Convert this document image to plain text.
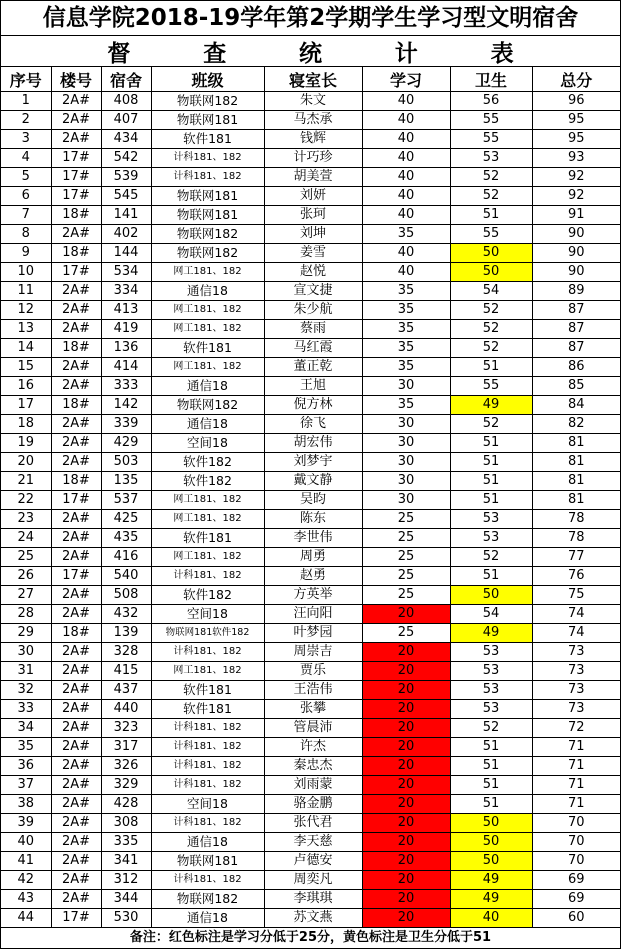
信息学院2018-19学年第2学期学生学习型文明宿舍
督	查	统	计	表
序号	楼号	宿舍	班级	寝室长	学习	卫生	总分
1	2A#	408	物联网182	朱文	40	56	96
2	2A#	407	物联网181	马杰承	40	55	95
3	2A#	434	软件181	钱辉	40	55	95
4	17#	542	计科181、182	计巧珍	40	53	93
5	17#	539	计科181、182	胡美萱	40	52	92
6	17#	545	物联网181	刘妍	40	52	92
7	18#	141	物联网181	张珂	40	51	91
8	2A#	402	物联网182	刘坤	35	55	90
9	18#	144	物联网182	姜雪	40	50	90
10	17#	534	网工181、182	赵悦	40	50	90
11	2A#	334	通信18	宣文捷	35	54	89
12	2A#	413	网工181、182	朱少航	35	52	87
13	2A#	419	网工181、182	蔡雨	35	52	87
14	18#	136	软件181	马红霞	35	52	87
15	2A#	414	网工181、182	董正乾	35	51	86
16	2A#	333	通信18	王旭	30	55	85
17	18#	142	物联网182	倪方林	35	49	84
18	2A#	339	通信18	徐飞	30	52	82
19	2A#	429	空间18	胡宏伟	30	51	81
20	2A#	503	软件182	刘梦宇	30	51	81
21	18#	135	软件182	戴文静	30	51	81
22	17#	537	网工181、182	吴昀	30	51	81
23	2A#	425	网工181、182	陈东	25	53	78
24	2A#	435	软件181	李世伟	25	53	78
25	2A#	416	网工181、182	周勇	25	52	77
26	17#	540	计科181、182	赵勇	25	51	76
27	2A#	508	软件182	方英举	25	50	75
28	2A#	432	空间18	汪向阳	20	54	74
29	18#	139	物联网181软件182	叶梦园	25	49	74
30	2A#	328	计科181、182	周崇吉	20	53	73
31	2A#	415	网工181、182	贾乐	20	53	73
32	2A#	437	软件181	王浩伟	20	53	73
33	2A#	440	软件181	张攀	20	53	73
34	2A#	323	计科181、182	管晨沛	20	52	72
35	2A#	317	计科181、182	许杰	20	51	71
36	2A#	326	计科181、182	秦忠杰	20	51	71
37	2A#	329	计科181、182	刘雨蒙	20	51	71
38	2A#	428	空间18	骆金鹏	20	51	71
39	2A#	308	计科181、182	张代君	20	50	70
40	2A#	335	通信18	李天慈	20	50	70
41	2A#	341	物联网181	卢德安	20	50	70
42	2A#	312	计科181、182	周奕凡	20	49	69
43	2A#	344	物联网182	李琪琪	20	49	69
44	17#	530	通信18	苏文燕	20	40	60
备注：红色标注是学习分低于25分，黄色标注是卫生分低于51
